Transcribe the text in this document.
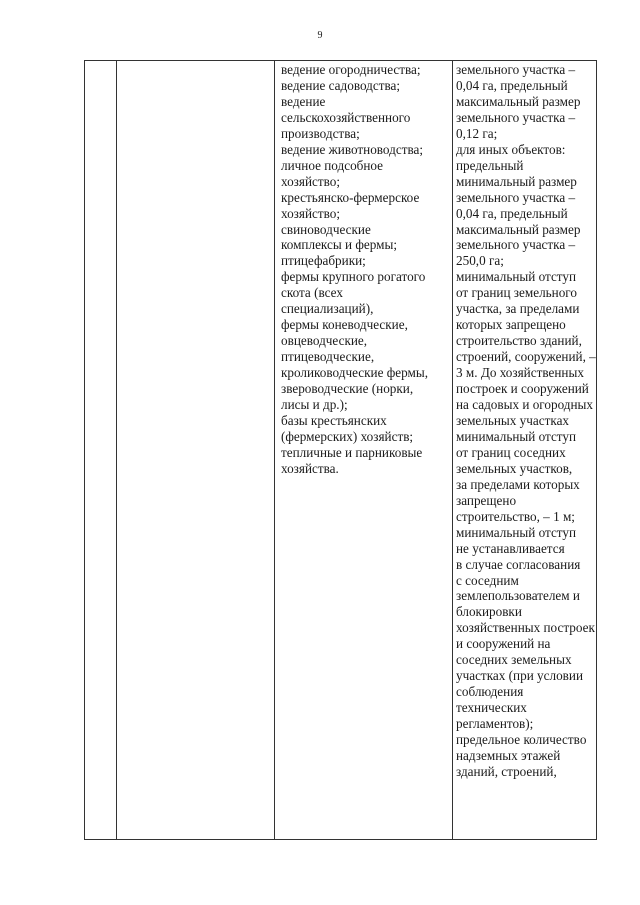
9

ведение огородничества;
ведение садоводства;
ведение
сельскохозяйственного
производства;
ведение животноводства;
личное подсобное
хозяйство;
крестьянско-фермерское
хозяйство;
свиноводческие
комплексы и фермы;
птицефабрики;
фермы крупного рогатого
скота (всех
специализаций),
фермы коневодческие,
овцеводческие,
птицеводческие,
кролиководческие фермы,
звероводческие (норки,
лисы и др.);
базы крестьянских
(фермерских) хозяйств;
тепличные и парниковые
хозяйства.

земельного участка –
0,04 га, предельный
максимальный размер
земельного участка –
0,12 га;
для иных объектов:
предельный
минимальный размер
земельного участка –
0,04 га, предельный
максимальный размер
земельного участка –
250,0 га;
минимальный отступ
от границ земельного
участка, за пределами
которых запрещено
строительство зданий,
строений, сооружений, –
3 м. До хозяйственных
построек и сооружений
на садовых и огородных
земельных участках
минимальный отступ
от границ соседних
земельных участков,
за пределами которых
запрещено
строительство, – 1 м;
минимальный отступ
не устанавливается
в случае согласования
с соседним
землепользователем и
блокировки
хозяйственных построек
и сооружений на
соседних земельных
участках (при условии
соблюдения
технических
регламентов);
предельное количество
надземных этажей
зданий, строений,
